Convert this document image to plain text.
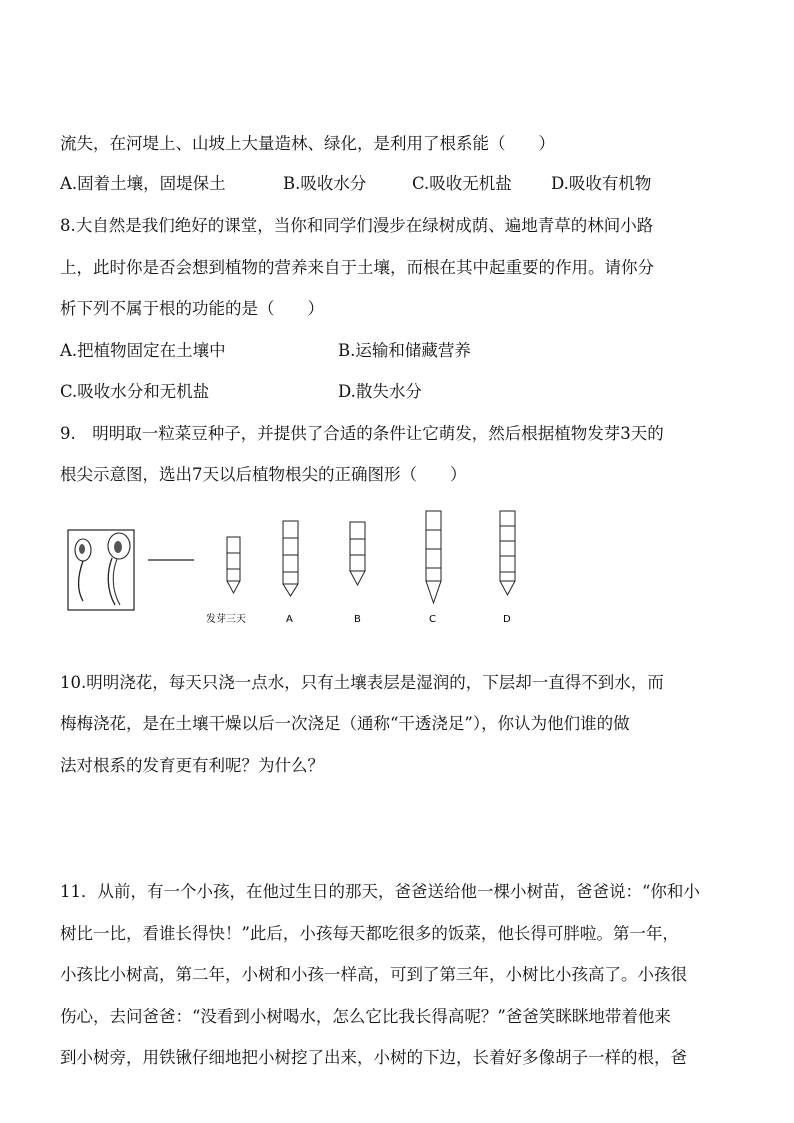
流失，在河堤上、山坡上大量造林、绿化，是利用了根系能（　　）
A.固着土壤，固堤保土	B.吸收水分	C.吸收无机盐 D.吸收有机物
8.大自然是我们绝好的课堂，当你和同学们漫步在绿树成荫、遍地青草的林间小路
上，此时你是否会想到植物的营养来自于土壤，而根在其中起重要的作用。请你分
析下列不属于根的功能的是（　　）
A.把植物固定在土壤中	B.运输和储藏营养
C.吸收水分和无机盐	D.散失水分
9.　明明取一粒菜豆种子，并提供了合适的条件让它萌发，然后根据植物发芽3天的
根尖示意图，选出7天以后植物根尖的正确图形（　　）
发芽三天	A	B	C	D
10.明明浇花，每天只浇一点水，只有土壤表层是湿润的，下层却一直得不到水，而
梅梅浇花，是在土壤干燥以后一次浇足（通称“干透浇足”），你认为他们谁的做
法对根系的发育更有利呢？为什么？
11．从前，有一个小孩，在他过生日的那天，爸爸送给他一棵小树苗，爸爸说：“你和小
树比一比，看谁长得快！”此后，小孩每天都吃很多的饭菜，他长得可胖啦。第一年，
小孩比小树高，第二年，小树和小孩一样高，可到了第三年，小树比小孩高了。小孩很
伤心，去问爸爸：“没看到小树喝水，怎么它比我长得高呢？”爸爸笑眯眯地带着他来
到小树旁，用铁锹仔细地把小树挖了出来，小树的下边，长着好多像胡子一样的根，爸
